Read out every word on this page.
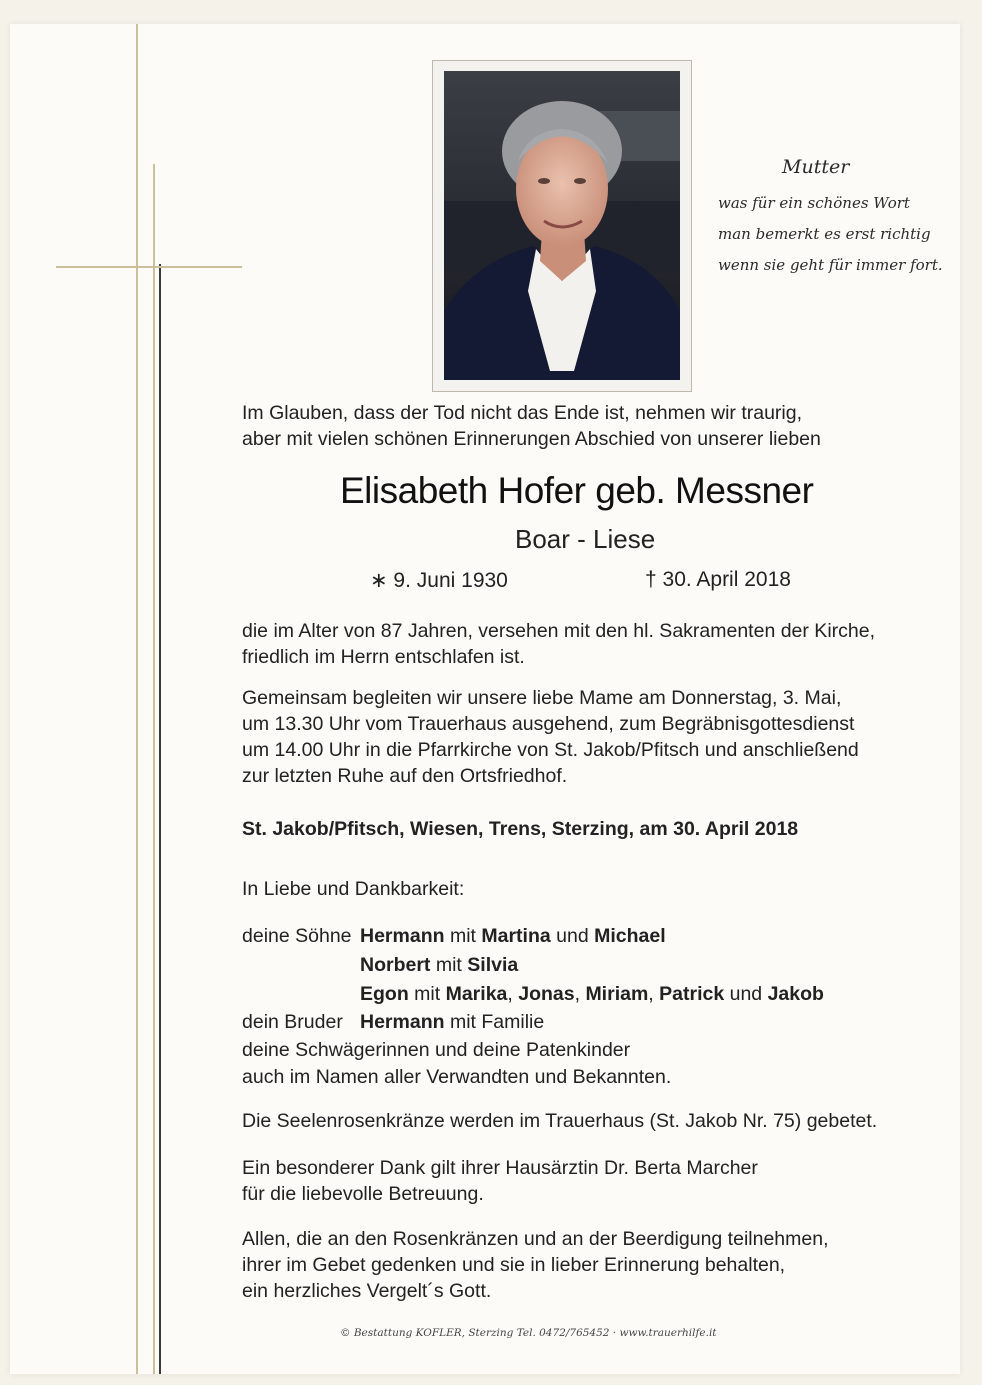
Mutter
was für ein schönes Wort
man bemerkt es erst richtig
wenn sie geht für immer fort.
Im Glauben, dass der Tod nicht das Ende ist, nehmen wir traurig,
aber mit vielen schönen Erinnerungen Abschied von unserer lieben
Elisabeth Hofer geb. Messner
Boar - Liese
∗ 9. Juni 1930	† 30. April 2018
die im Alter von 87 Jahren, versehen mit den hl. Sakramenten der Kirche,
friedlich im Herrn entschlafen ist.
Gemeinsam begleiten wir unsere liebe Mame am Donnerstag, 3. Mai,
um 13.30 Uhr vom Trauerhaus ausgehend, zum Begräbnisgottesdienst
um 14.00 Uhr in die Pfarrkirche von St. Jakob/Pfitsch und anschließend
zur letzten Ruhe auf den Ortsfriedhof.
St. Jakob/Pfitsch, Wiesen, Trens, Sterzing, am 30. April 2018
In Liebe und Dankbarkeit:
deine Söhne Hermann mit Martina und Michael
Norbert mit Silvia
Egon mit Marika, Jonas, Miriam, Patrick und Jakob
dein Bruder Hermann mit Familie
deine Schwägerinnen und deine Patenkinder
auch im Namen aller Verwandten und Bekannten.
Die Seelenrosenkränze werden im Trauerhaus (St. Jakob Nr. 75) gebetet.
Ein besonderer Dank gilt ihrer Hausärztin Dr. Berta Marcher
für die liebevolle Betreuung.
Allen, die an den Rosenkränzen und an der Beerdigung teilnehmen,
ihrer im Gebet gedenken und sie in lieber Erinnerung behalten,
ein herzliches Vergelt´s Gott.
© Bestattung KOFLER, Sterzing Tel. 0472/765452 · www.trauerhilfe.it
